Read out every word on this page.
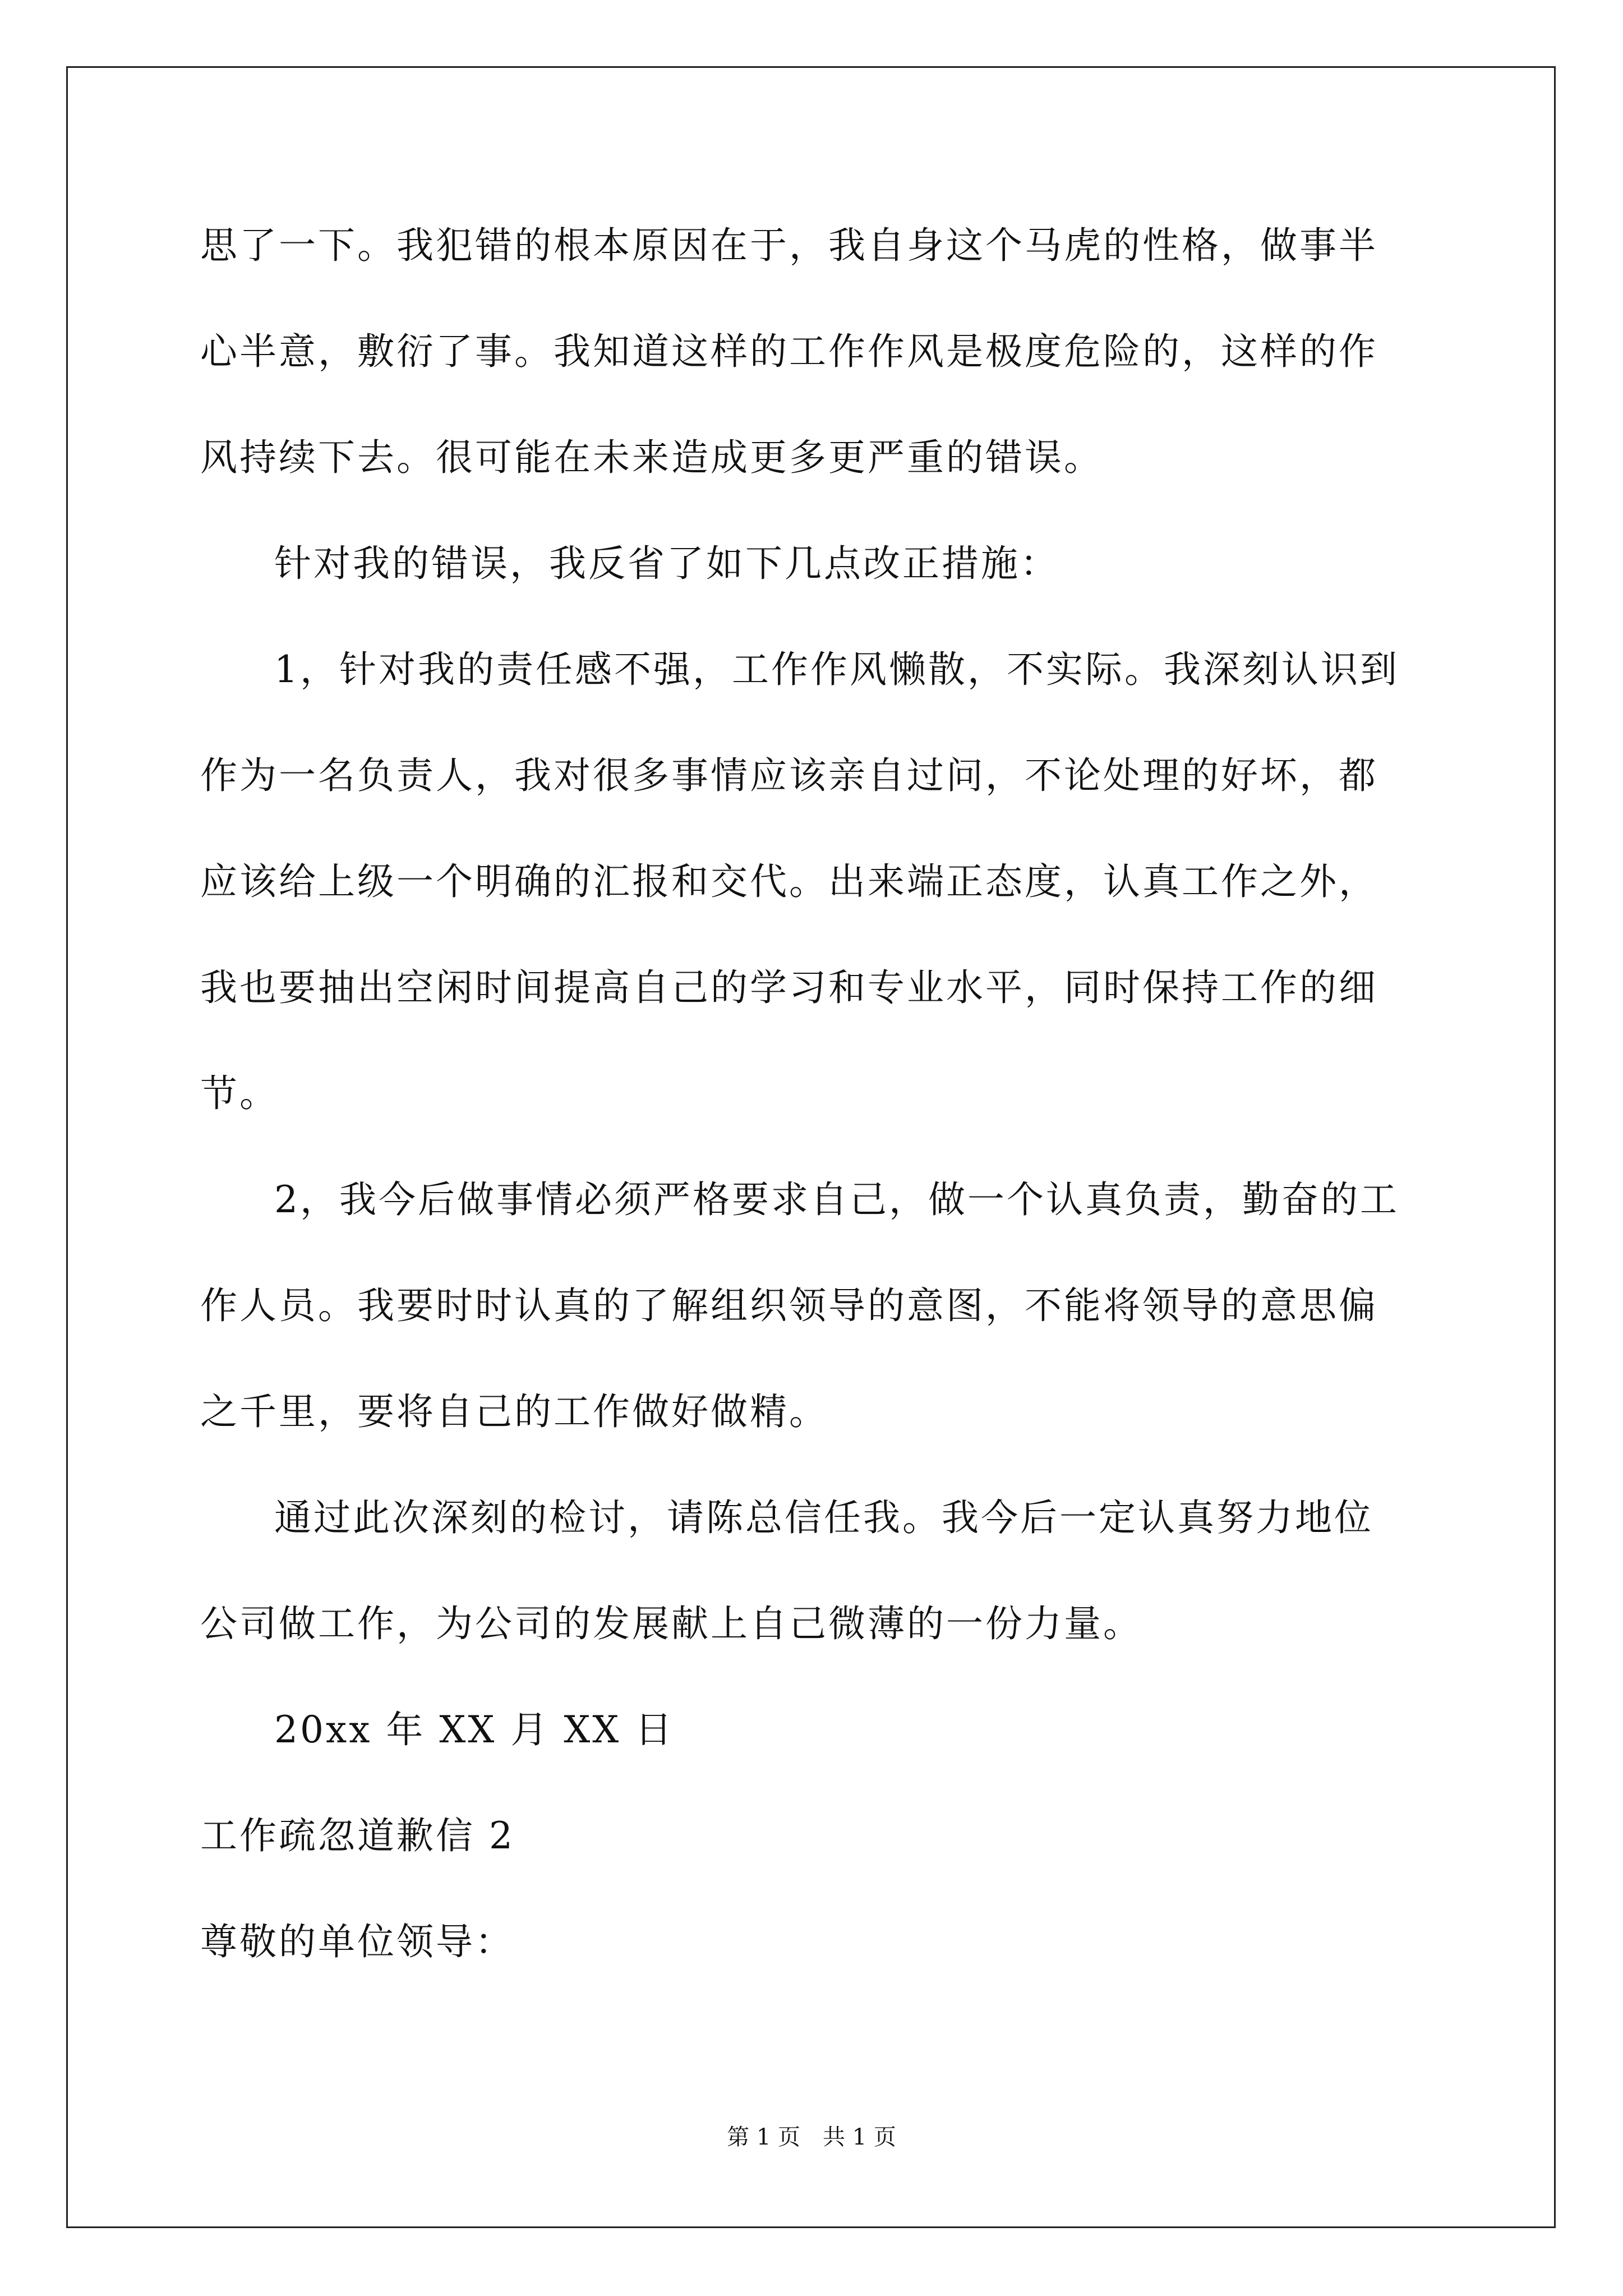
思了一下。我犯错的根本原因在于，我自身这个马虎的性格，做事半
心半意，敷衍了事。我知道这样的工作作风是极度危险的，这样的作
风持续下去。很可能在未来造成更多更严重的错误。
针对我的错误，我反省了如下几点改正措施：
1，针对我的责任感不强，工作作风懒散，不实际。我深刻认识到
作为一名负责人，我对很多事情应该亲自过问，不论处理的好坏，都
应该给上级一个明确的汇报和交代。出来端正态度，认真工作之外，
我也要抽出空闲时间提高自己的学习和专业水平，同时保持工作的细
节。
2，我今后做事情必须严格要求自己，做一个认真负责，勤奋的工
作人员。我要时时认真的了解组织领导的意图，不能将领导的意思偏
之千里，要将自己的工作做好做精。
通过此次深刻的检讨，请陈总信任我。我今后一定认真努力地位
公司做工作，为公司的发展献上自己微薄的一份力量。
20xx 年 XX 月 XX 日
工作疏忽道歉信 2
尊敬的单位领导：
第 1 页　共 1 页
